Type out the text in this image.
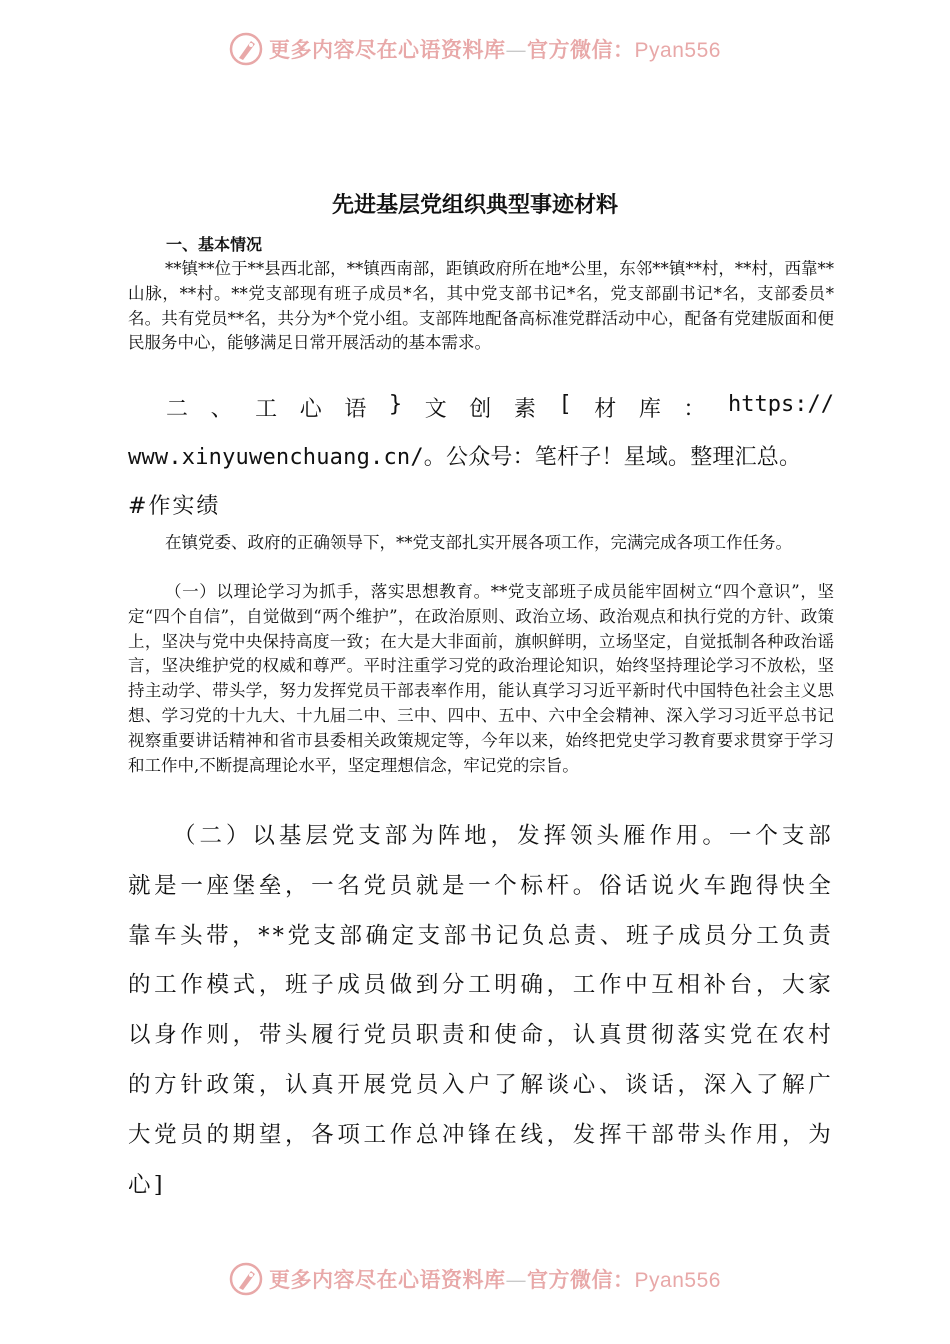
更多内容尽在心语资料库—官方微信：Pyan556
先进基层党组织典型事迹材料
一、基本情况
**镇**位于**县西北部，**镇西南部，距镇政府所在地*公里，东邻**镇**村，**村，西靠**山脉，**村。**党支部现有班子成员*名，其中党支部书记*名，党支部副书记*名，支部委员*名。共有党员**名，共分为*个党小组。支部阵地配备高标准党群活动中心，配备有党建版面和便民服务中心，能够满足日常开展活动的基本需求。
二 、 工 心 语 } 文 创 素 [ 材 库 ： https://
www.xinyuwenchuang.cn/。公众号：笔杆子！星域。整理汇总。
#作实绩
在镇党委、政府的正确领导下，**党支部扎实开展各项工作，完满完成各项工作任务。
（一）以理论学习为抓手，落实思想教育。**党支部班子成员能牢固树立“四个意识”，坚定“四个自信”，自觉做到“两个维护”，在政治原则、政治立场、政治观点和执行党的方针、政策上，坚决与党中央保持高度一致；在大是大非面前，旗帜鲜明，立场坚定，自觉抵制各种政治谣言，坚决维护党的权威和尊严。平时注重学习党的政治理论知识，始终坚持理论学习不放松，坚持主动学、带头学，努力发挥党员干部表率作用，能认真学习习近平新时代中国特色社会主义思想、学习党的十九大、十九届二中、三中、四中、五中、六中全会精神、深入学习习近平总书记视察重要讲话精神和省市县委相关政策规定等，今年以来，始终把党史学习教育要求贯穿于学习和工作中,不断提高理论水平，坚定理想信念，牢记党的宗旨。
（二）以基层党支部为阵地，发挥领头雁作用。一个支部就是一座堡垒，一名党员就是一个标杆。俗话说火车跑得快全靠车头带，**党支部确定支部书记负总责、班子成员分工负责的工作模式，班子成员做到分工明确，工作中互相补台，大家以身作则，带头履行党员职责和使命，认真贯彻落实党在农村的方针政策，认真开展党员入户了解谈心、谈话，深入了解广大党员的期望，各项工作总冲锋在线，发挥干部带头作用，为心]
更多内容尽在心语资料库—官方微信：Pyan556
